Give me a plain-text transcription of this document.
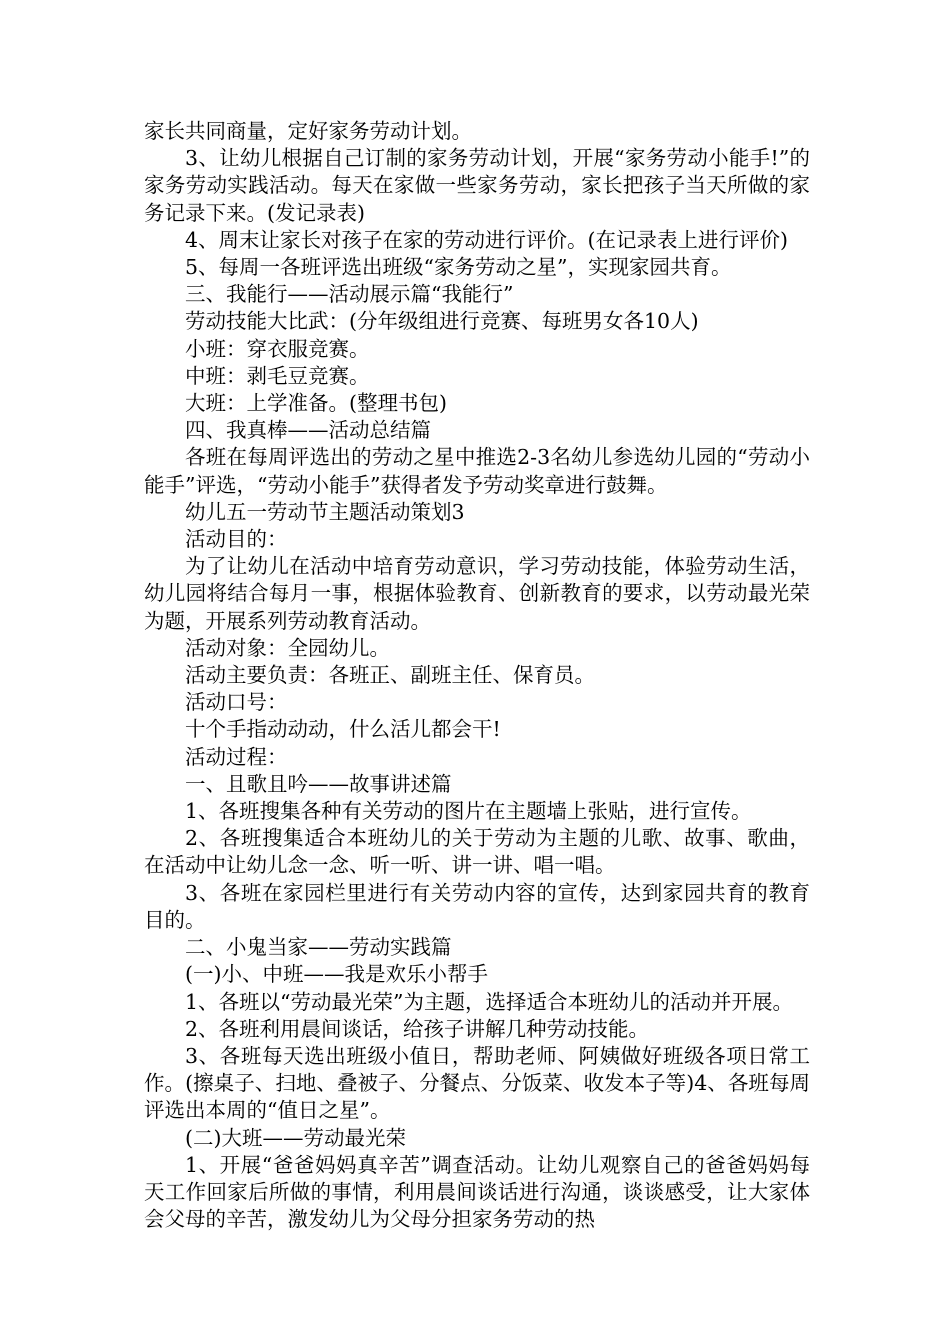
家长共同商量，定好家务劳动计划。

3、让幼儿根据自己订制的家务劳动计划，开展“家务劳动小能手!”的家务劳动实践活动。每天在家做一些家务劳动，家长把孩子当天所做的家务记录下来。(发记录表)

4、周末让家长对孩子在家的劳动进行评价。(在记录表上进行评价)

5、每周一各班评选出班级“家务劳动之星”，实现家园共育。

三、我能行——活动展示篇“我能行”

劳动技能大比武：(分年级组进行竞赛、每班男女各10人)

小班：穿衣服竞赛。

中班：剥毛豆竞赛。

大班：上学准备。(整理书包)

四、我真棒——活动总结篇

各班在每周评选出的劳动之星中推选2-3名幼儿参选幼儿园的“劳动小能手”评选，“劳动小能手”获得者发予劳动奖章进行鼓舞。

幼儿五一劳动节主题活动策划3

活动目的：

为了让幼儿在活动中培育劳动意识，学习劳动技能，体验劳动生活，幼儿园将结合每月一事，根据体验教育、创新教育的要求，以劳动最光荣为题，开展系列劳动教育活动。

活动对象：全园幼儿。

活动主要负责：各班正、副班主任、保育员。

活动口号：

十个手指动动动，什么活儿都会干!

活动过程：

一、且歌且吟——故事讲述篇

1、各班搜集各种有关劳动的图片在主题墙上张贴，进行宣传。

2、各班搜集适合本班幼儿的关于劳动为主题的儿歌、故事、歌曲，在活动中让幼儿念一念、听一听、讲一讲、唱一唱。

3、各班在家园栏里进行有关劳动内容的宣传，达到家园共育的教育目的。

二、小鬼当家——劳动实践篇

(一)小、中班——我是欢乐小帮手

1、各班以“劳动最光荣”为主题，选择适合本班幼儿的活动并开展。

2、各班利用晨间谈话，给孩子讲解几种劳动技能。

3、各班每天选出班级小值日，帮助老师、阿姨做好班级各项日常工作。(擦桌子、扫地、叠被子、分餐点、分饭菜、收发本子等)4、各班每周评选出本周的“值日之星”。

(二)大班——劳动最光荣

1、开展“爸爸妈妈真辛苦”调查活动。让幼儿观察自己的爸爸妈妈每天工作回家后所做的事情，利用晨间谈话进行沟通，谈谈感受，让大家体会父母的辛苦，激发幼儿为父母分担家务劳动的热
